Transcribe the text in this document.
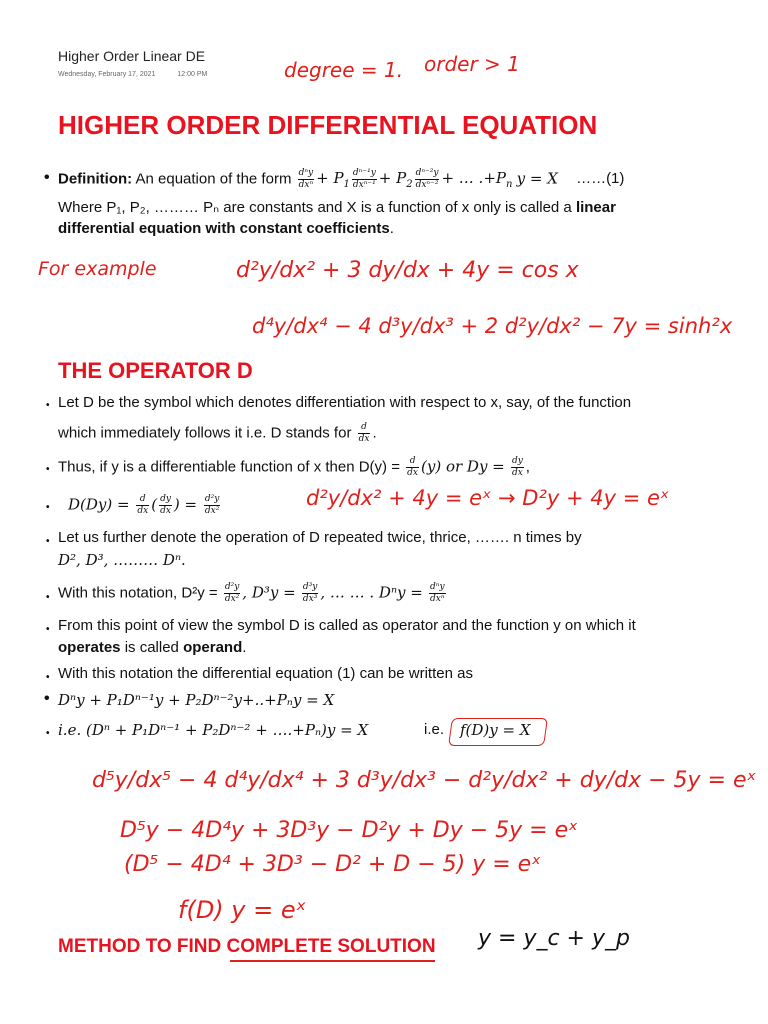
Higher Order Linear DE
Wednesday, February 17, 2021	12:00 PM	degree = 1. order > 1
HIGHER ORDER DIFFERENTIAL EQUATION
• Definition: An equation of the form $\frac{\text{dⁿy}}{\text{dxⁿ}} + P_1 \frac{\text{dⁿ⁻¹y}}{\text{dxⁿ⁻¹}} + P_2 \frac{\text{dⁿ⁻²y}}{\text{dxⁿ⁻²}}$ + … $.+P_n$ y = X ……(1)
Where P₁, P₂, ……… Pₙ are constants and X is a function of x only is called a linear
differential equation with constant coefficients.
For example	d²y/dx² + 3 dy/dx + 4y = cos x
d⁴y/dx⁴ − 4 d³y/dx³ + 2 d²y/dx² − 7y = sinh²x
THE OPERATOR D
• Let D be the symbol which denotes differentiation with respect to x, say, of the function
which immediately follows it i.e. D stands for $\frac{d}{dx}$ .
• Thus, if y is a differentiable function of x then $D(y) = \frac{d}{dx} (y)$ or $Dy = \frac{dy}{dx}$ ,
• $D(Dy) = \frac{d}{dx}$ ( $\frac{dy}{dx}$ ) = $\frac{\text{d²y}}{\text{dx²}}$	d²y/dx² + 4y = eˣ → D²y + 4y = eˣ
• Let us further denote the operation of D repeated twice, thrice, ……. n times by
D², D³, ……… Dⁿ.
• With this notation, $D^2y = \frac{\text{d²y}}{\text{dx²}}$ , $D^3y = \frac{\text{d³y}}{\text{dx³}}$ , … … . $D^ny = \frac{\text{dⁿy}}{\text{dxⁿ}}$
• From this point of view the symbol D is called as operator and the function y on which it
operates is called operand.
• With this notation the differential equation (1) can be written as
• Dⁿy + P₁Dⁿ⁻¹y + P₂Dⁿ⁻²y+..+Pₙy = X
• i.e. (Dⁿ + P₁Dⁿ⁻¹ + P₂Dⁿ⁻² + ….+Pₙ)y = X	i.e. f(D)y = X
d⁵y/dx⁵ − 4 d⁴y/dx⁴ + 3 d³y/dx³ − d²y/dx² + dy/dx − 5y = eˣ
D⁵y − 4D⁴y + 3D³y − D²y + Dy − 5y = eˣ
(D⁵ − 4D⁴ + 3D³ − D² + D − 5) y = eˣ
f(D) y = eˣ
METHOD TO FIND COMPLETE SOLUTION y = y_c + y_p
